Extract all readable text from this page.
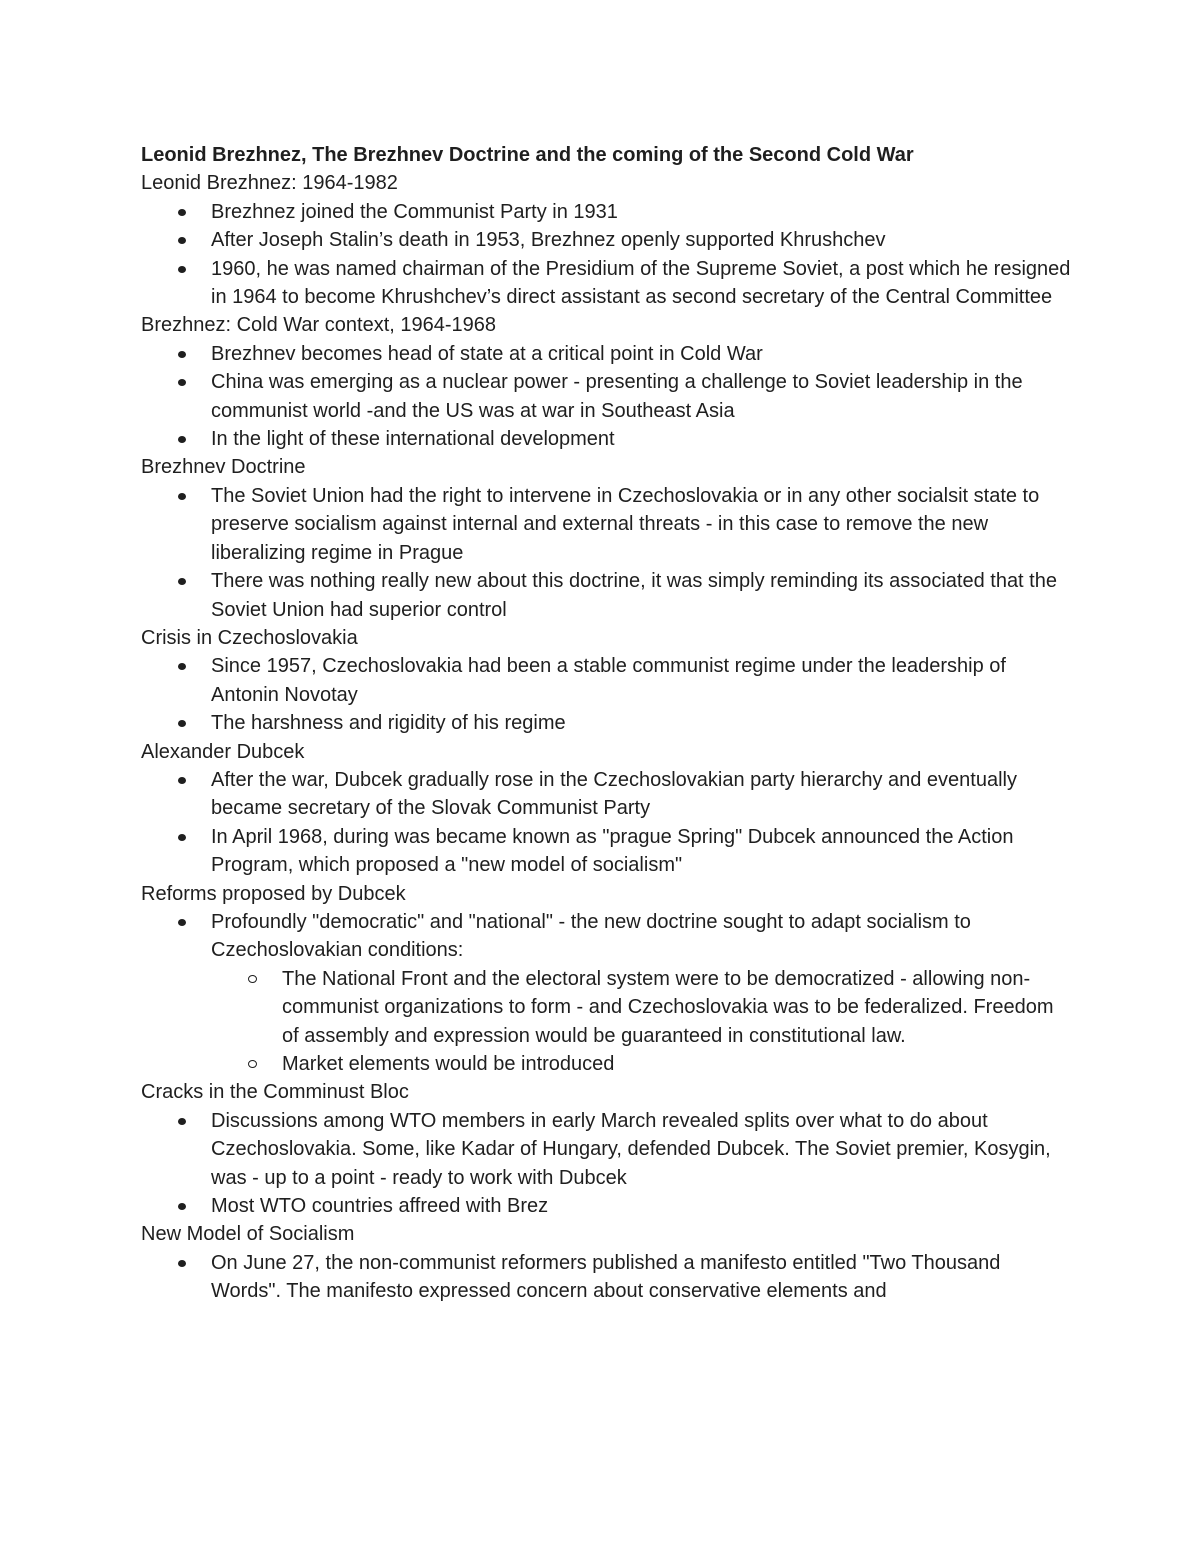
Leonid Brezhnez, The Brezhnev Doctrine and the coming of the Second Cold War
Leonid Brezhnez: 1964-1982
Brezhnez joined the Communist Party in 1931
After Joseph Stalin’s death in 1953, Brezhnez openly supported Khrushchev
1960, he was named chairman of the Presidium of the Supreme Soviet, a post which he resigned in 1964 to become Khrushchev’s direct assistant as second secretary of the Central Committee
Brezhnez: Cold War context, 1964-1968
Brezhnev becomes head of state at a critical point in Cold War
China was emerging as a nuclear power - presenting a challenge to Soviet leadership in the communist world -and the US was at war in Southeast Asia
In the light of these international development
Brezhnev Doctrine
The Soviet Union had the right to intervene in Czechoslovakia or in any other socialsit state to preserve socialism against internal and external threats - in this case to remove the new liberalizing regime in Prague
There was nothing really new about this doctrine, it was simply reminding its associated that the Soviet Union had superior control
Crisis in Czechoslovakia
Since 1957, Czechoslovakia had been a stable communist regime under the leadership of Antonin Novotay
The harshness and rigidity of his regime
Alexander Dubcek
After the war, Dubcek gradually rose in the Czechoslovakian party hierarchy and eventually became secretary of the Slovak Communist Party
In April 1968, during was became known as "prague Spring" Dubcek announced the Action Program, which proposed a "new model of socialism"
Reforms proposed by Dubcek
Profoundly "democratic" and "national" - the new doctrine sought to adapt socialism to Czechoslovakian conditions:
The National Front and the electoral system were to be democratized - allowing non-communist organizations to form - and Czechoslovakia was to be federalized. Freedom of assembly and expression would be guaranteed in constitutional law.
Market elements would be introduced
Cracks in the Comminust Bloc
Discussions among WTO members in early March revealed splits over what to do about Czechoslovakia. Some, like Kadar of Hungary, defended Dubcek. The Soviet premier, Kosygin, was - up to a point - ready to work with Dubcek
Most WTO countries affreed with Brez
New Model of Socialism
On June 27, the non-communist reformers published a manifesto entitled "Two Thousand Words". The manifesto expressed concern about conservative elements and
